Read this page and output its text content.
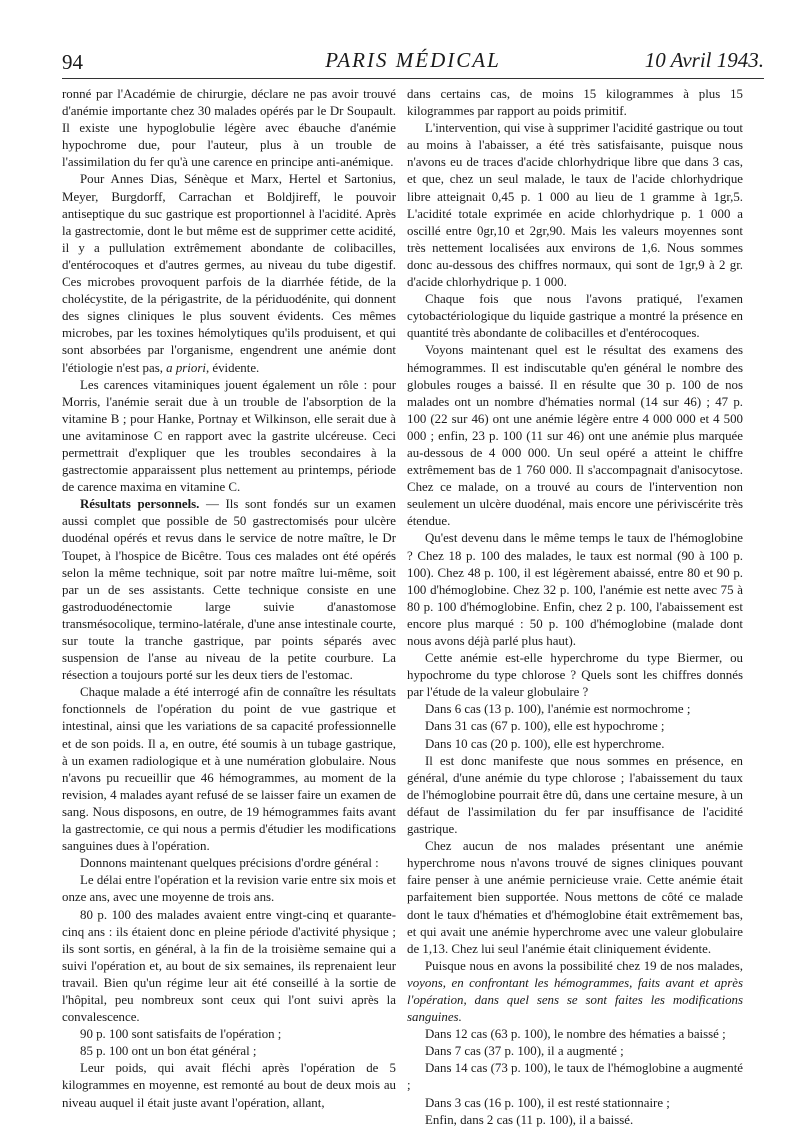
94	PARIS MÉDICAL	10 Avril 1943.

ronné par l'Académie de chirurgie, déclare ne pas avoir trouvé d'anémie importante chez 30 malades opérés par le Dr Soupault. Il existe une hypoglobulie légère avec ébauche d'anémie hypochrome due, pour l'auteur, plus à un trouble de l'assimilation du fer qu'à une carence en principe anti-anémique.

Pour Annes Dias, Sénèque et Marx, Hertel et Sartonius, Meyer, Burgdorff, Carrachan et Boldjireff, le pouvoir antiseptique du suc gastrique est proportionnel à l'acidité. Après la gastrectomie, dont le but même est de supprimer cette acidité, il y a pullulation extrêmement abondante de colibacilles, d'entérocoques et d'autres germes, au niveau du tube digestif. Ces microbes provoquent parfois de la diarrhée fétide, de la cholécystite, de la périgastrite, de la périduodénite, qui donnent des signes cliniques le plus souvent évidents. Ces mêmes microbes, par les toxines hémolytiques qu'ils produisent, et qui sont absorbées par l'organisme, engendrent une anémie dont l'étiologie n'est pas, a priori, évidente.

Les carences vitaminiques jouent également un rôle : pour Morris, l'anémie serait due à un trouble de l'absorption de la vitamine B ; pour Hanke, Portnay et Wilkinson, elle serait due à une avitaminose C en rapport avec la gastrite ulcéreuse. Ceci permettrait d'expliquer que les troubles secondaires à la gastrectomie apparaissent plus nettement au printemps, période de carence maxima en vitamine C.

Résultats personnels. — Ils sont fondés sur un examen aussi complet que possible de 50 gastrectomisés pour ulcère duodénal opérés et revus dans le service de notre maître, le Dr Toupet, à l'hospice de Bicêtre. Tous ces malades ont été opérés selon la même technique, soit par notre maître lui-même, soit par un de ses assistants. Cette technique consiste en une gastroduodénectomie large suivie d'anastomose transmésocolique, termino-latérale, d'une anse intestinale courte, sur toute la tranche gastrique, par points séparés avec suspension de l'anse au niveau de la petite courbure. La résection a toujours porté sur les deux tiers de l'estomac.

Chaque malade a été interrogé afin de connaître les résultats fonctionnels de l'opération du point de vue gastrique et intestinal, ainsi que les variations de sa capacité professionnelle et de son poids. Il a, en outre, été soumis à un tubage gastrique, à un examen radiologique et à une numération globulaire. Nous n'avons pu recueillir que 46 hémogrammes, au moment de la revision, 4 malades ayant refusé de se laisser faire un examen de sang. Nous disposons, en outre, de 19 hémogrammes faits avant la gastrectomie, ce qui nous a permis d'étudier les modifications sanguines dues à l'opération.

Donnons maintenant quelques précisions d'ordre général :

Le délai entre l'opération et la revision varie entre six mois et onze ans, avec une moyenne de trois ans.

80 p. 100 des malades avaient entre vingt-cinq et quarante-cinq ans : ils étaient donc en pleine période d'activité physique ; ils sont sortis, en général, à la fin de la troisième semaine qui a suivi l'opération et, au bout de six semaines, ils reprenaient leur travail. Bien qu'un régime leur ait été conseillé à la sortie de l'hôpital, peu nombreux sont ceux qui l'ont suivi après la convalescence.

90 p. 100 sont satisfaits de l'opération ;

85 p. 100 ont un bon état général ;

Leur poids, qui avait fléchi après l'opération de 5 kilogrammes en moyenne, est remonté au bout de deux mois au niveau auquel il était juste avant l'opération, allant,

dans certains cas, de moins 15 kilogrammes à plus 15 kilogrammes par rapport au poids primitif.

L'intervention, qui vise à supprimer l'acidité gastrique ou tout au moins à l'abaisser, a été très satisfaisante, puisque nous n'avons eu de traces d'acide chlorhydrique libre que dans 3 cas, et que, chez un seul malade, le taux de l'acide chlorhydrique libre atteignait 0,45 p. 1 000 au lieu de 1 gramme à 1gr,5. L'acidité totale exprimée en acide chlorhydrique p. 1 000 a oscillé entre 0gr,10 et 2gr,90. Mais les valeurs moyennes sont très nettement localisées aux environs de 1,6. Nous sommes donc au-dessous des chiffres normaux, qui sont de 1gr,9 à 2 gr. d'acide chlorhydrique p. 1 000.

Chaque fois que nous l'avons pratiqué, l'examen cytobactériologique du liquide gastrique a montré la présence en quantité très abondante de colibacilles et d'entérocoques.

Voyons maintenant quel est le résultat des examens des hémogrammes. Il est indiscutable qu'en général le nombre des globules rouges a baissé. Il en résulte que 30 p. 100 de nos malades ont un nombre d'hématies normal (14 sur 46) ; 47 p. 100 (22 sur 46) ont une anémie légère entre 4 000 000 et 4 500 000 ; enfin, 23 p. 100 (11 sur 46) ont une anémie plus marquée au-dessous de 4 000 000. Un seul opéré a atteint le chiffre extrêmement bas de 1 760 000. Il s'accompagnait d'anisocytose. Chez ce malade, on a trouvé au cours de l'intervention non seulement un ulcère duodénal, mais encore une périviscérite très étendue.

Qu'est devenu dans le même temps le taux de l'hémoglobine ? Chez 18 p. 100 des malades, le taux est normal (90 à 100 p. 100). Chez 48 p. 100, il est légèrement abaissé, entre 80 et 90 p. 100 d'hémoglobine. Chez 32 p. 100, l'anémie est nette avec 75 à 80 p. 100 d'hémoglobine. Enfin, chez 2 p. 100, l'abaissement est encore plus marqué : 50 p. 100 d'hémoglobine (malade dont nous avons déjà parlé plus haut).

Cette anémie est-elle hyperchrome du type Biermer, ou hypochrome du type chlorose ? Quels sont les chiffres donnés par l'étude de la valeur globulaire ?

Dans 6 cas (13 p. 100), l'anémie est normochrome ;

Dans 31 cas (67 p. 100), elle est hypochrome ;

Dans 10 cas (20 p. 100), elle est hyperchrome.

Il est donc manifeste que nous sommes en présence, en général, d'une anémie du type chlorose ; l'abaissement du taux de l'hémoglobine pourrait être dû, dans une certaine mesure, à un défaut de l'assimilation du fer par insuffisance de l'acidité gastrique.

Chez aucun de nos malades présentant une anémie hyperchrome nous n'avons trouvé de signes cliniques pouvant faire penser à une anémie pernicieuse vraie. Cette anémie était parfaitement bien supportée. Nous mettons de côté ce malade dont le taux d'hématies et d'hémoglobine était extrêmement bas, et qui avait une anémie hyperchrome avec une valeur globulaire de 1,13. Chez lui seul l'anémie était cliniquement évidente.

Puisque nous en avons la possibilité chez 19 de nos malades, voyons, en confrontant les hémogrammes, faits avant et après l'opération, dans quel sens se sont faites les modifications sanguines.

Dans 12 cas (63 p. 100), le nombre des hématies a baissé ;

Dans 7 cas (37 p. 100), il a augmenté ;

Dans 14 cas (73 p. 100), le taux de l'hémoglobine a augmenté ;

Dans 3 cas (16 p. 100), il est resté stationnaire ;

Enfin, dans 2 cas (11 p. 100), il a baissé.
